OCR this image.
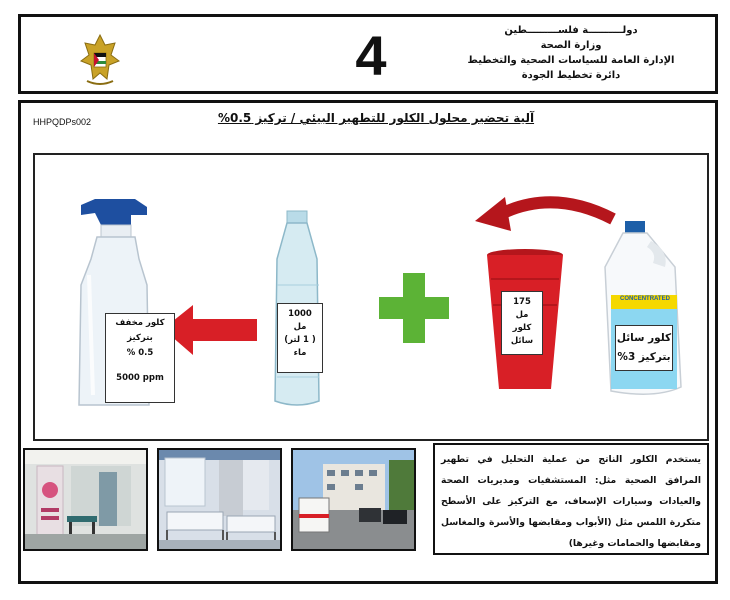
4	دولــــــــــة فلســـــــــطين
وزارة الصحة
الإدارة العامة للسياسات الصحية والتخطيط
دائرة تخطيط الجودة
HHPQDPs002	آلية تحضير محلول الكلور للتطهير البيئي / تركيز 0.5%
كلور مخفف
بتركيز
0.5 %
5000 ppm
1000
مل
( 1 لتر)
ماء
175
مل
كلور
سائل
CONCENTRATED
كلور سائل
بتركيز 3%
يستخدم الكلور الناتج من عملية التحليل في تطهير المرافق الصحية مثل: المستشفيات ومديريات الصحة والعيادات وسيارات الإسعاف، مع التركيز على الأسطح متكررة اللمس مثل (الأبواب ومقابضها والأسرة والمغاسل ومقابضها والحمامات وغيرها)
